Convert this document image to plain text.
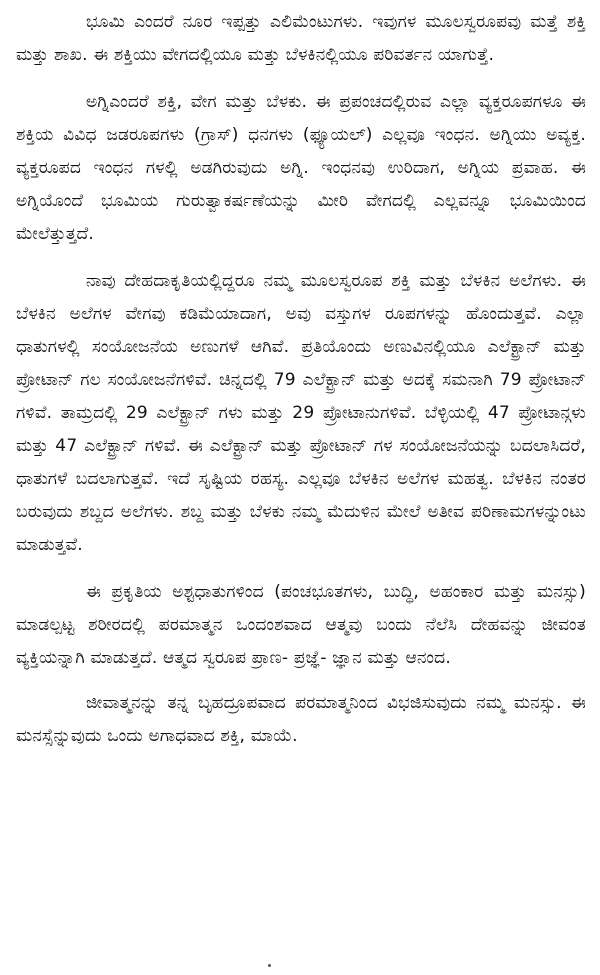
ಭೂಮಿ ಎಂದರೆ ನೂರ ಇಪ್ಪತ್ತು ಎಲಿಮೆಂಟುಗಳು. ಇವುಗಳ ಮೂಲಸ್ವರೂಪವು ಮತ್ತೆ ಶಕ್ತಿ ಮತ್ತು ಶಾಖ. ಈ ಶಕ್ತಿಯು ವೇಗದಲ್ಲಿಯೂ ಮತ್ತು ಬೆಳಕಿನಲ್ಲಿಯೂ ಪರಿವರ್ತನ ಯಾಗುತ್ತೆ.

ಅಗ್ನಿಎಂದರೆ ಶಕ್ತಿ, ವೇಗ ಮತ್ತು ಬೆಳಕು. ಈ ಪ್ರಪಂಚದಲ್ಲಿರುವ ಎಲ್ಲಾ ವ್ಯಕ್ತರೂಪಗಳೂ ಈ ಶಕ್ತಿಯ ವಿವಿಧ ಜಡರೂಪಗಳು (ಗ್ರಾಸ್) ಧನಗಳು (ಫ್ಯೂಯಲ್) ಎಲ್ಲವೂ ಇಂಧನ. ಅಗ್ನಿಯು ಅವ್ಯಕ್ತ. ವ್ಯಕ್ತರೂಪದ ಇಂಧನ ಗಳಲ್ಲಿ ಅಡಗಿರುವುದು ಅಗ್ನಿ. ಇಂಧನವು ಉರಿದಾಗ, ಅಗ್ನಿಯ ಪ್ರವಾಹ. ಈ ಅಗ್ನಿಯೊಂದೆ ಭೂಮಿಯ ಗುರುತ್ವಾಕರ್ಷಣೆಯನ್ನು ಮೀರಿ ವೇಗದಲ್ಲಿ ಎಲ್ಲವನ್ನೂ ಭೂಮಿಯಿಂದ ಮೇಲೆತ್ತುತ್ತದೆ.

ನಾವು ದೇಹದಾಕೃತಿಯಲ್ಲಿದ್ದರೂ ನಮ್ಮ ಮೂಲಸ್ವರೂಪ ಶಕ್ತಿ ಮತ್ತು ಬೆಳಕಿನ ಅಲೆಗಳು. ಈ ಬೆಳಕಿನ ಅಲೆಗಳ ವೇಗವು ಕಡಿಮೆಯಾದಾಗ, ಅವು ವಸ್ತುಗಳ ರೂಪಗಳನ್ನು ಹೊಂದುತ್ತವೆ. ಎಲ್ಲಾ ಧಾತುಗಳಲ್ಲಿ ಸಂಯೋಜನೆಯ ಅಣುಗಳೆ ಆಗಿವೆ. ಪ್ರತಿಯೊಂದು ಅಣುವಿನಲ್ಲಿಯೂ ಎಲೆಕ್ಟ್ರಾನ್ ಮತ್ತು ಪ್ರೋಟಾನ್ ಗಲ ಸಂಯೋಜನೆಗಳಿವೆ. ಚಿನ್ನದಲ್ಲಿ 79 ಎಲೆಕ್ಟ್ರಾನ್ ಮತ್ತು ಅದಕ್ಕೆ ಸಮನಾಗಿ 79 ಪ್ರೋಟಾನ್ ಗಳಿವೆ. ತಾಮ್ರದಲ್ಲಿ 29 ಎಲೆಕ್ಟ್ರಾನ್ ಗಳು ಮತ್ತು 29 ಪ್ರೋಟಾನುಗಳಿವೆ. ಬೆಳ್ಳಿಯಲ್ಲಿ 47 ಪ್ರೋಟಾನ್ಗಳು ಮತ್ತು 47 ಎಲೆಕ್ಟ್ರಾನ್ ಗಳಿವೆ. ಈ ಎಲೆಕ್ಟ್ರಾನ್ ಮತ್ತು ಪ್ರೋಟಾನ್ ಗಳ ಸಂಯೋಜನೆಯನ್ನು ಬದಲಾಸಿದರೆ, ಧಾತುಗಳೆ ಬದಲಾಗುತ್ತವೆ. ಇದೆ ಸೃಷ್ಟಿಯ ರಹಸ್ಯ. ಎಲ್ಲವೂ ಬೆಳಕಿನ ಅಲೆಗಳ ಮಹತ್ವ. ಬೆಳಕಿನ ನಂತರ ಬರುವುದು ಶಬ್ದದ ಅಲೆಗಳು. ಶಬ್ದ ಮತ್ತು ಬೆಳಕು ನಮ್ಮ ಮೆದುಳಿನ ಮೇಲೆ ಅತೀವ ಪರಿಣಾಮಗಳನ್ನುಂಟು ಮಾಡುತ್ತವೆ.

ಈ ಪ್ರಕೃತಿಯ ಅಶ್ಟಧಾತುಗಳಿಂದ (ಪಂಚಭೂತಗಳು, ಬುದ್ಧಿ, ಅಹಂಕಾರ ಮತ್ತು ಮನಸ್ಸು) ಮಾಡಲ್ಪಟ್ಟ ಶರೀರದಲ್ಲಿ ಪರಮಾತ್ಮನ ಒಂದಂಶವಾದ ಆತ್ಮವು ಬಂದು ನೆಲೆಸಿ ದೇಹವನ್ನು ಜೀವಂತ ವ್ಯಕ್ತಿಯನ್ನಾಗಿ ಮಾಡುತ್ತದೆ. ಆತ್ಮದ ಸ್ವರೂಪ ಪ್ರಾಣ- ಪ್ರಜ್ಞೆ- ಜ್ಞಾನ ಮತ್ತು ಆನಂದ.

ಜೀವಾತ್ಮನನ್ನು ತನ್ನ ಬೃಹದ್ರೂಪವಾದ ಪರಮಾತ್ಮನಿಂದ ವಿಭಜಿಸುವುದು ನಮ್ಮ ಮನಸ್ಸು. ಈ ಮನಸ್ಸೆನ್ನುವುದು ಒಂದು ಅಗಾಧವಾದ ಶಕ್ತಿ, ಮಾಯೆ.
